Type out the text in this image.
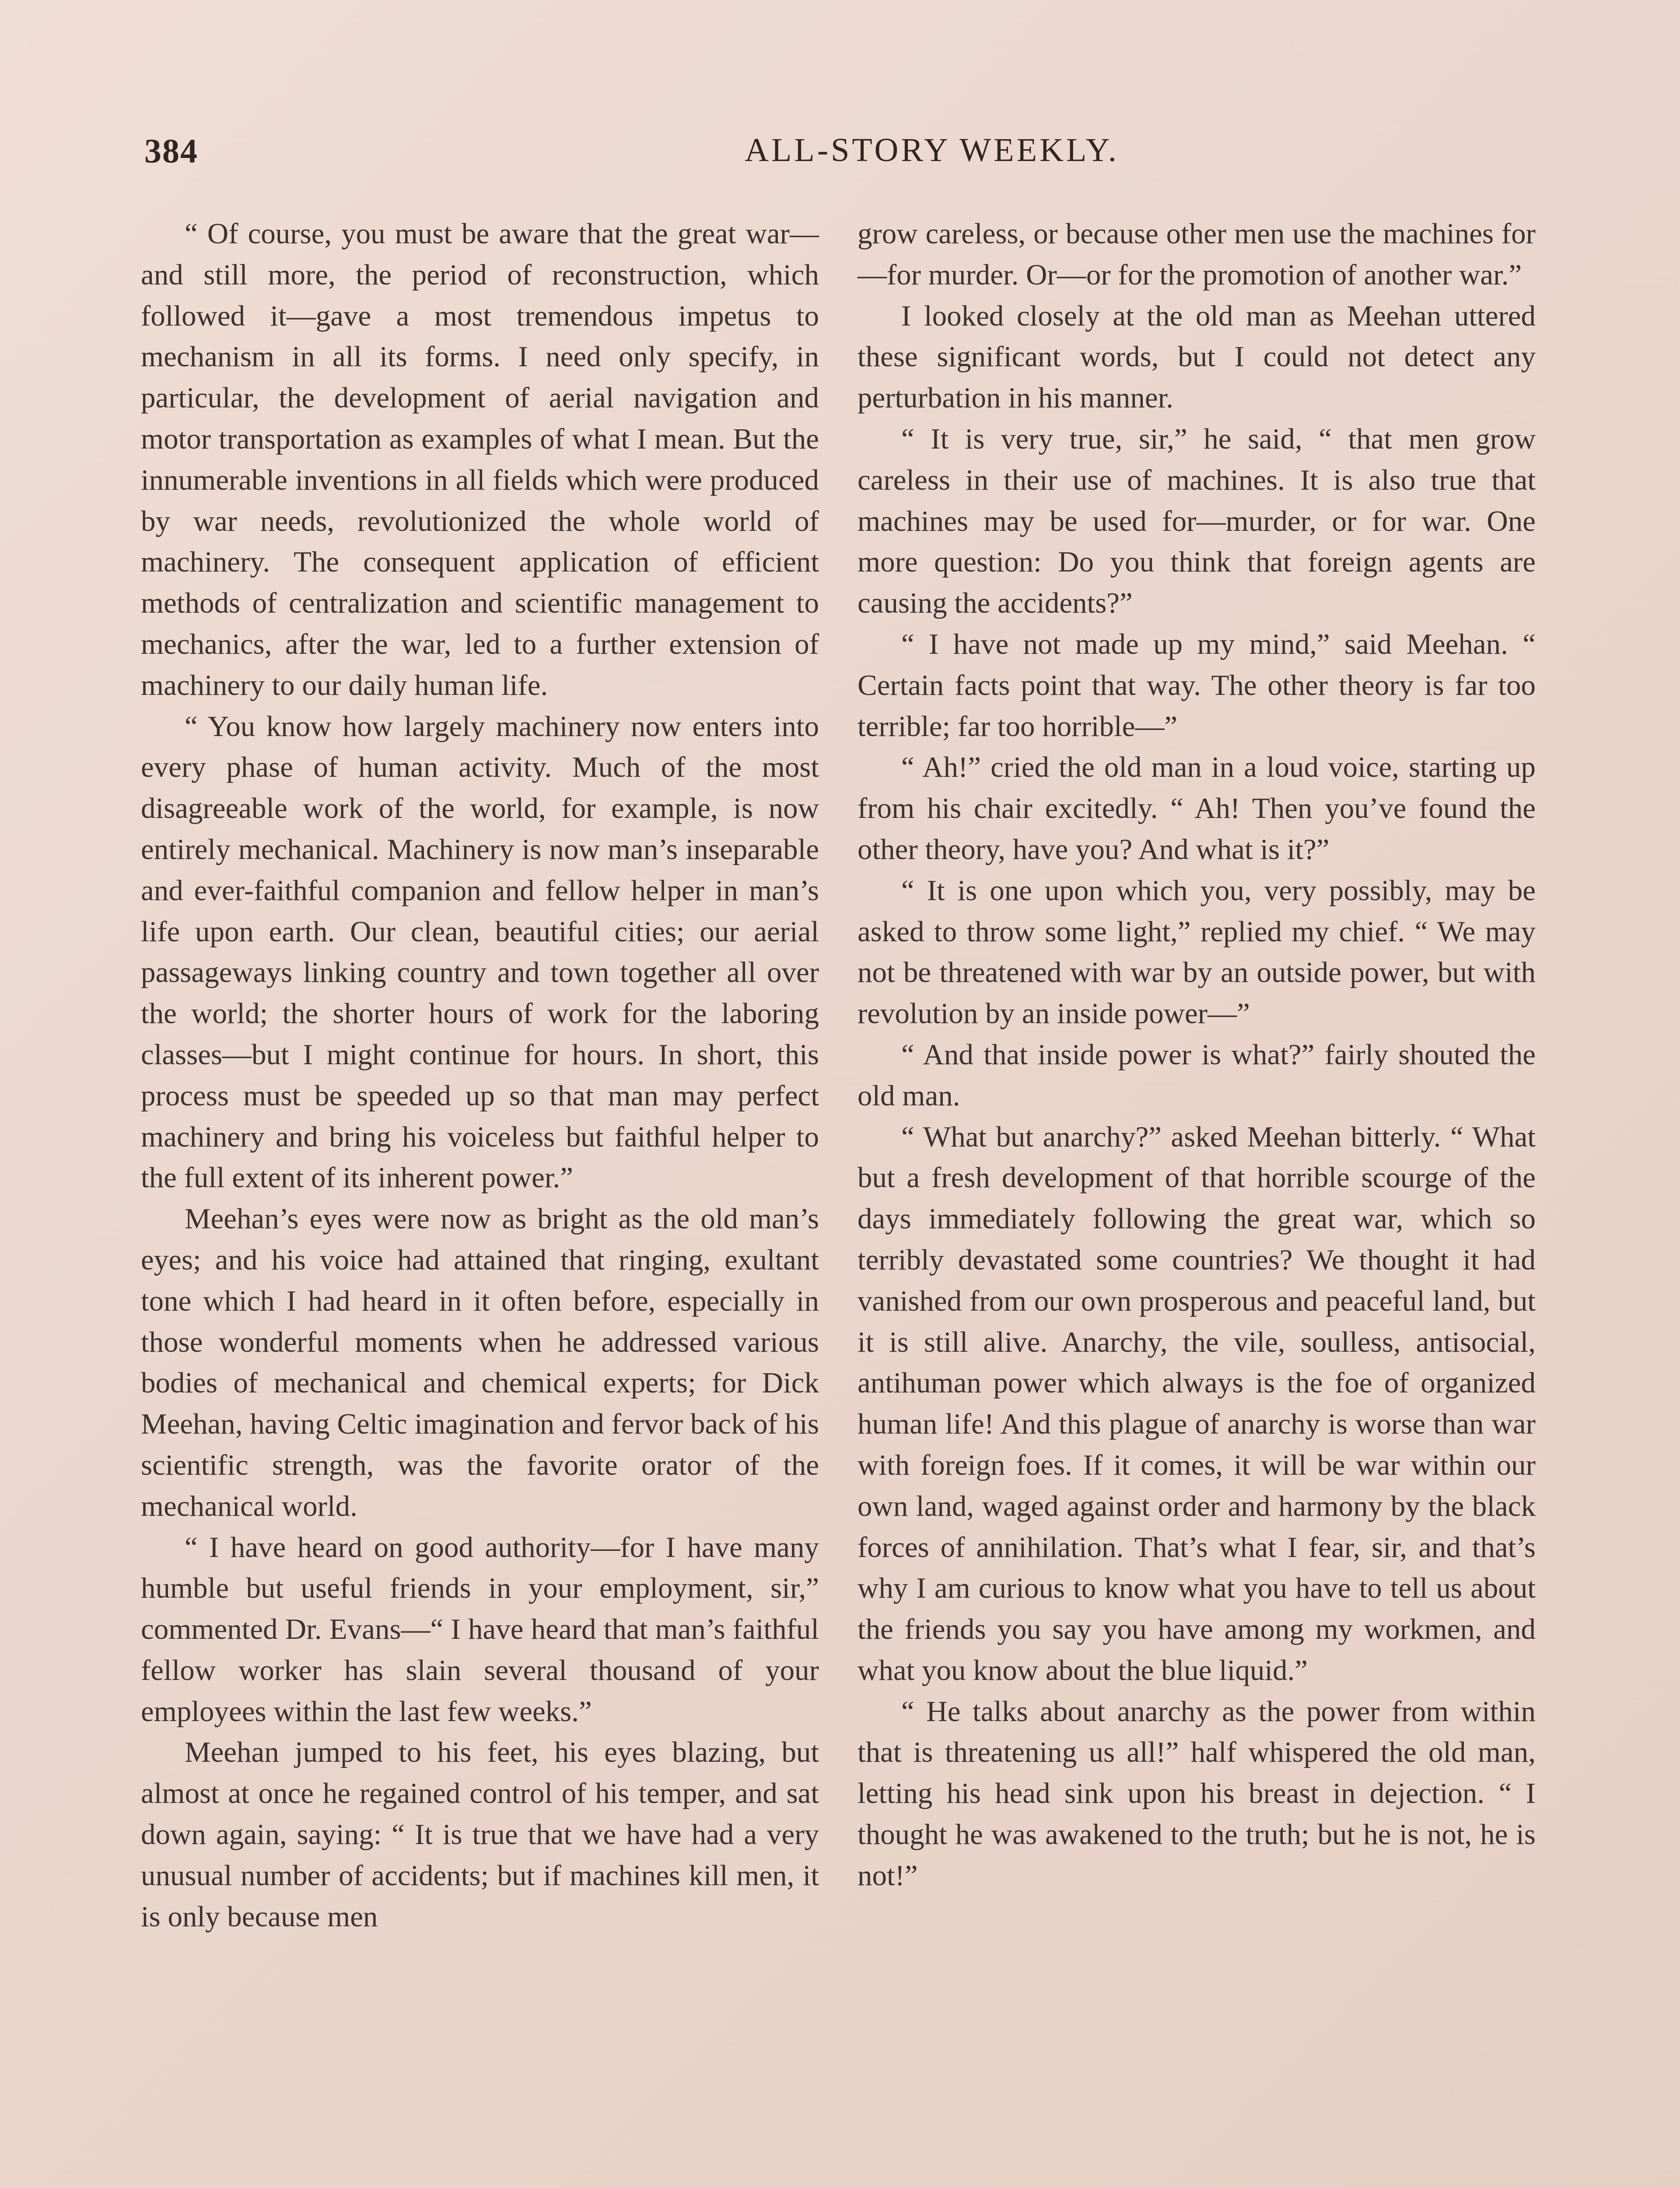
384	ALL-STORY WEEKLY.

“ Of course, you must be aware that the great war—and still more, the period of reconstruction, which followed it—gave a most tremendous impetus to mechanism in all its forms. I need only specify, in particular, the development of aerial navigation and motor transportation as examples of what I mean. But the innumerable inventions in all fields which were produced by war needs, revolutionized the whole world of machinery. The consequent application of efficient methods of centralization and scientific management to mechanics, after the war, led to a further extension of machinery to our daily human life.

“ You know how largely machinery now enters into every phase of human activity. Much of the most disagreeable work of the world, for example, is now entirely mechanical. Machinery is now man’s inseparable and ever-faithful companion and fellow helper in man’s life upon earth. Our clean, beautiful cities; our aerial passageways linking country and town together all over the world; the shorter hours of work for the laboring classes—but I might continue for hours. In short, this process must be speeded up so that man may perfect machinery and bring his voiceless but faithful helper to the full extent of its inherent power.”

Meehan’s eyes were now as bright as the old man’s eyes; and his voice had attained that ringing, exultant tone which I had heard in it often before, especially in those wonderful moments when he addressed various bodies of mechanical and chemical experts; for Dick Meehan, having Celtic imagination and fervor back of his scientific strength, was the favorite orator of the mechanical world.

“ I have heard on good authority—for I have many humble but useful friends in your employment, sir,” commented Dr. Evans—“ I have heard that man’s faithful fellow worker has slain several thousand of your employees within the last few weeks.”

Meehan jumped to his feet, his eyes blazing, but almost at once he regained control of his temper, and sat down again, saying: “ It is true that we have had a very unusual number of accidents; but if machines kill men, it is only because men

grow careless, or because other men use the machines for—for murder. Or—or for the promotion of another war.”

I looked closely at the old man as Meehan uttered these significant words, but I could not detect any perturbation in his manner.

“ It is very true, sir,” he said, “ that men grow careless in their use of machines. It is also true that machines may be used for—murder, or for war. One more question: Do you think that foreign agents are causing the accidents?”

“ I have not made up my mind,” said Meehan. “ Certain facts point that way. The other theory is far too terrible; far too horrible—”

“ Ah!” cried the old man in a loud voice, starting up from his chair excitedly. “ Ah! Then you’ve found the other theory, have you? And what is it?”

“ It is one upon which you, very possibly, may be asked to throw some light,” replied my chief. “ We may not be threatened with war by an outside power, but with revolution by an inside power—”

“ And that inside power is what?” fairly shouted the old man.

“ What but anarchy?” asked Meehan bitterly. “ What but a fresh development of that horrible scourge of the days immediately following the great war, which so terribly devastated some countries? We thought it had vanished from our own prosperous and peaceful land, but it is still alive. Anarchy, the vile, soulless, antisocial, antihuman power which always is the foe of organized human life! And this plague of anarchy is worse than war with foreign foes. If it comes, it will be war within our own land, waged against order and harmony by the black forces of annihilation. That’s what I fear, sir, and that’s why I am curious to know what you have to tell us about the friends you say you have among my workmen, and what you know about the blue liquid.”

“ He talks about anarchy as the power from within that is threatening us all!” half whispered the old man, letting his head sink upon his breast in dejection. “ I thought he was awakened to the truth; but he is not, he is not!”
